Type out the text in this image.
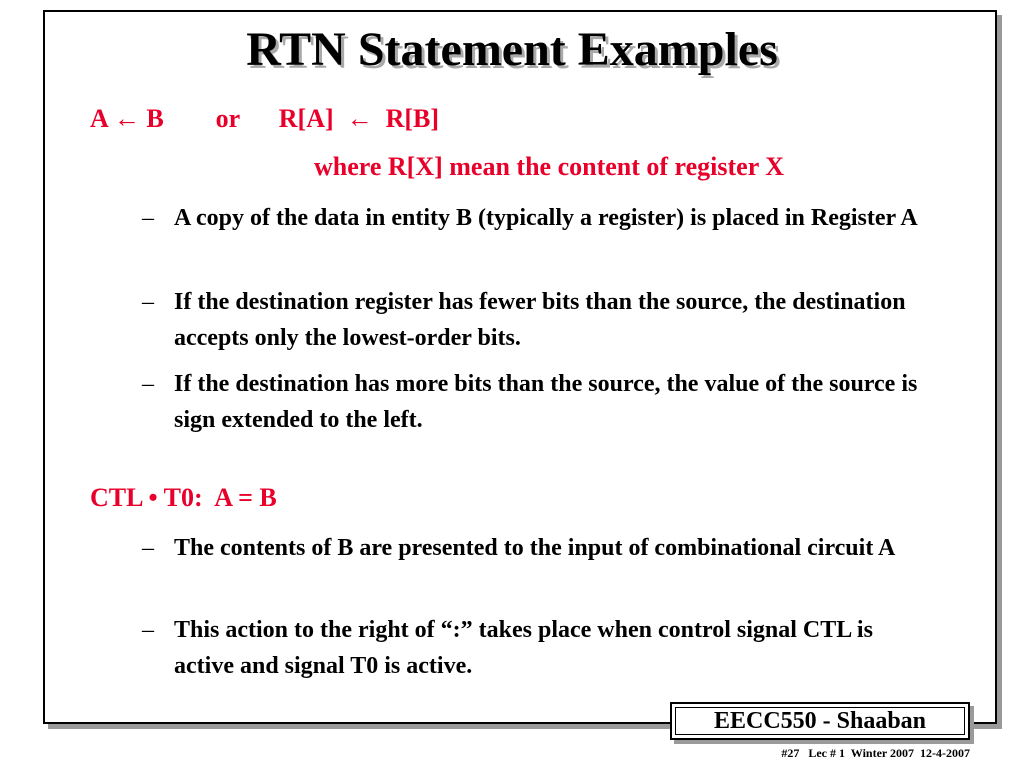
RTN Statement Examples
A ← B        or      R[A]  ←  R[B]
where R[X] mean the content of register X
– A copy of the data in entity B (typically a register) is placed in Register A
– If the destination register has fewer bits than the source, the destination accepts only the lowest-order bits.
– If the destination has more bits than the source, the value of the source is sign extended to the left.
CTL • T0:  A = B
– The contents of B are presented to the input of combinational circuit A
– This action to the right of “:” takes place when control signal CTL is active and signal T0 is active.
EECC550 - Shaaban
#27   Lec # 1  Winter 2007  12-4-2007
